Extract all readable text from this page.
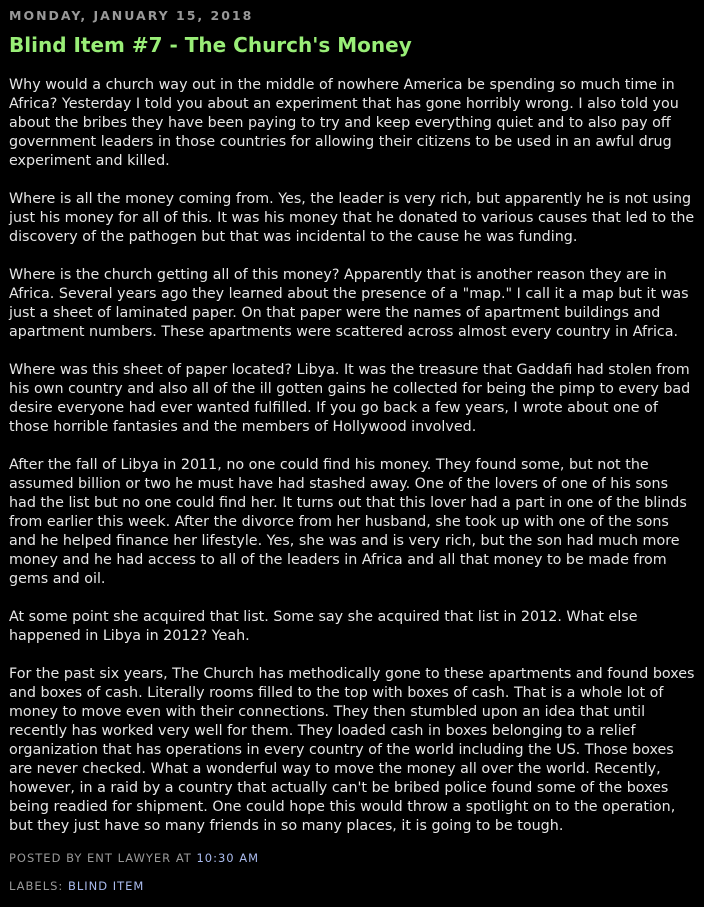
MONDAY, JANUARY 15, 2018
Blind Item #7 - The Church's Money

Why would a church way out in the middle of nowhere America be spending so much time in Africa? Yesterday I told you about an experiment that has gone horribly wrong. I also told you about the bribes they have been paying to try and keep everything quiet and to also pay off government leaders in those countries for allowing their citizens to be used in an awful drug experiment and killed.

Where is all the money coming from. Yes, the leader is very rich, but apparently he is not using just his money for all of this. It was his money that he donated to various causes that led to the discovery of the pathogen but that was incidental to the cause he was funding.

Where is the church getting all of this money? Apparently that is another reason they are in Africa. Several years ago they learned about the presence of a "map." I call it a map but it was just a sheet of laminated paper. On that paper were the names of apartment buildings and apartment numbers. These apartments were scattered across almost every country in Africa.

Where was this sheet of paper located? Libya. It was the treasure that Gaddafi had stolen from his own country and also all of the ill gotten gains he collected for being the pimp to every bad desire everyone had ever wanted fulfilled. If you go back a few years, I wrote about one of those horrible fantasies and the members of Hollywood involved.

After the fall of Libya in 2011, no one could find his money. They found some, but not the assumed billion or two he must have had stashed away. One of the lovers of one of his sons had the list but no one could find her. It turns out that this lover had a part in one of the blinds from earlier this week. After the divorce from her husband, she took up with one of the sons and he helped finance her lifestyle. Yes, she was and is very rich, but the son had much more money and he had access to all of the leaders in Africa and all that money to be made from gems and oil.

At some point she acquired that list. Some say she acquired that list in 2012. What else happened in Libya in 2012? Yeah.

For the past six years, The Church has methodically gone to these apartments and found boxes and boxes of cash. Literally rooms filled to the top with boxes of cash. That is a whole lot of money to move even with their connections. They then stumbled upon an idea that until recently has worked very well for them. They loaded cash in boxes belonging to a relief organization that has operations in every country of the world including the US. Those boxes are never checked. What a wonderful way to move the money all over the world. Recently, however, in a raid by a country that actually can't be bribed police found some of the boxes being readied for shipment. One could hope this would throw a spotlight on to the operation, but they just have so many friends in so many places, it is going to be tough.

POSTED BY ENT LAWYER AT 10:30 AM
LABELS: BLIND ITEM
